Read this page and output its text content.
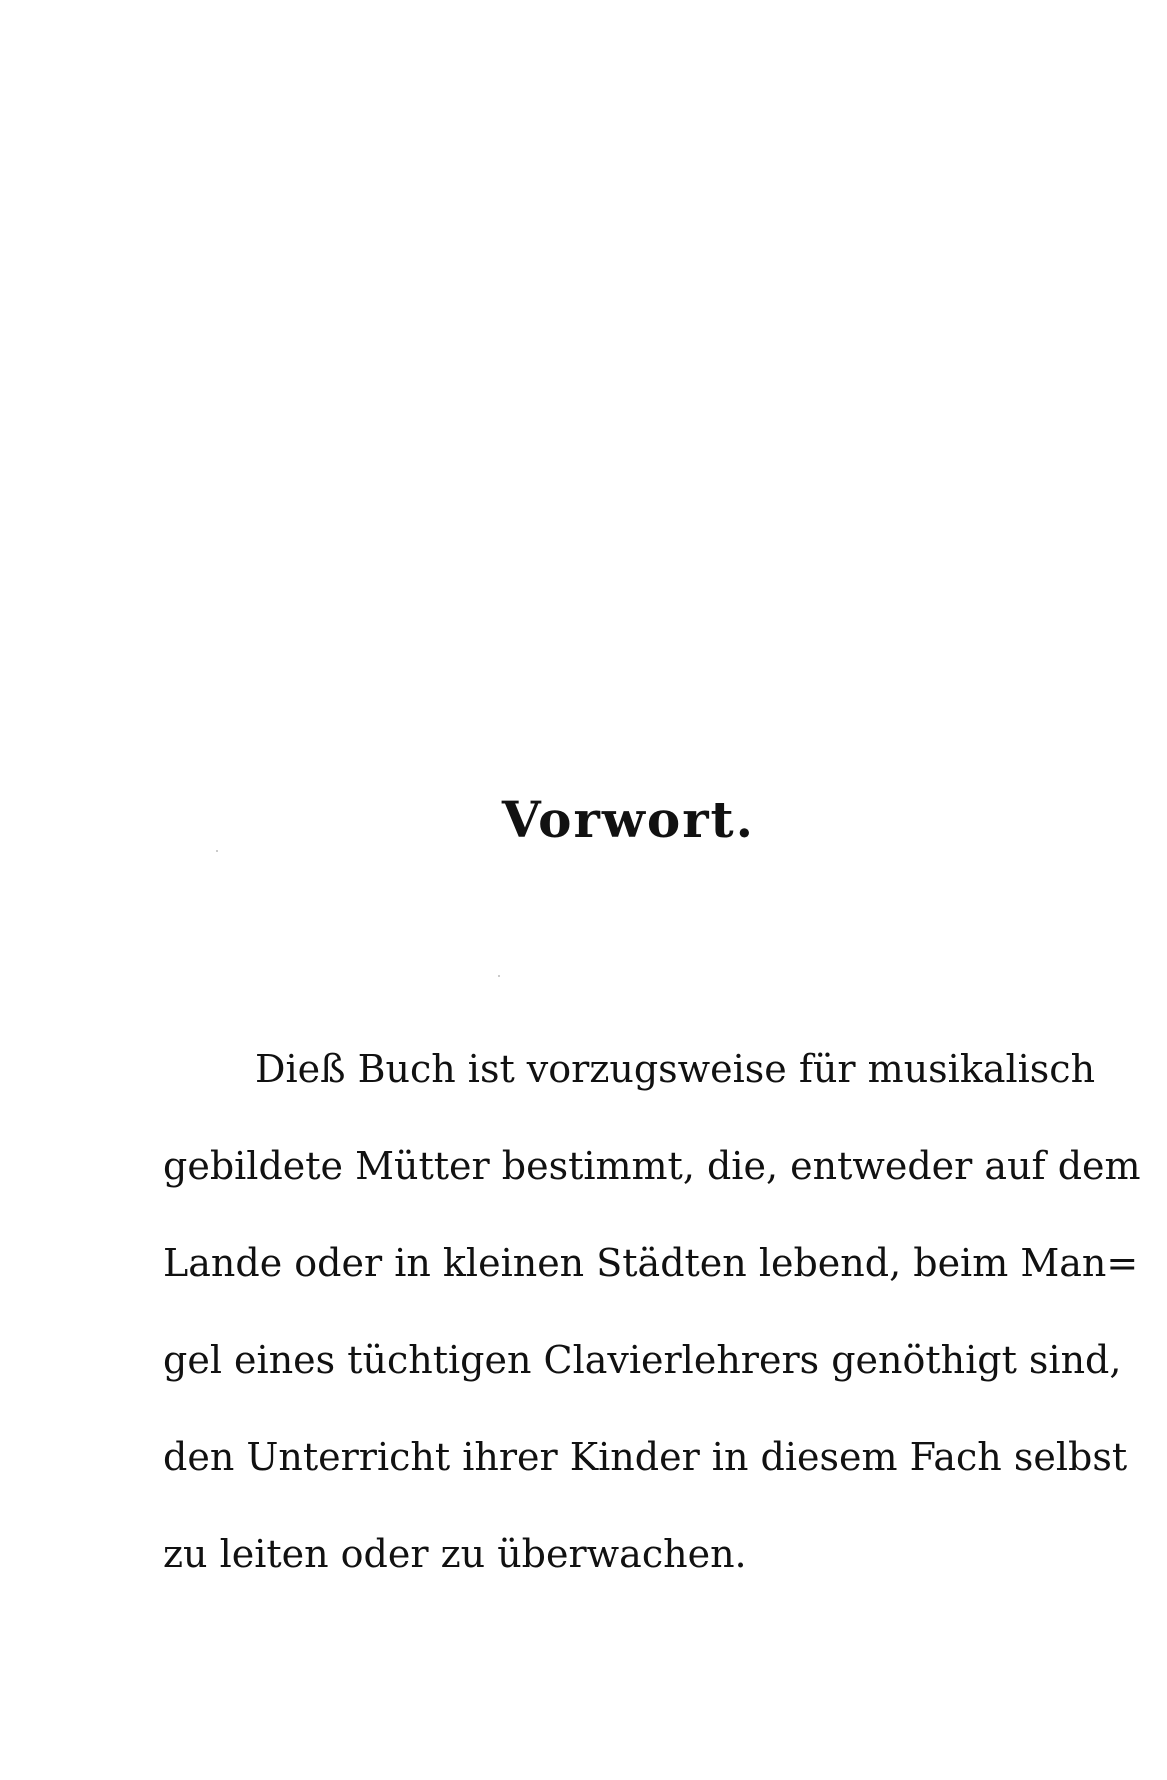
Vorwort.
Dieß Buch ist vorzugsweise für musikalisch
gebildete Mütter bestimmt, die, entweder auf dem
Lande oder in kleinen Städten lebend, beim Man=
gel eines tüchtigen Clavierlehrers genöthigt sind,
den Unterricht ihrer Kinder in diesem Fach selbst
zu leiten oder zu überwachen.
